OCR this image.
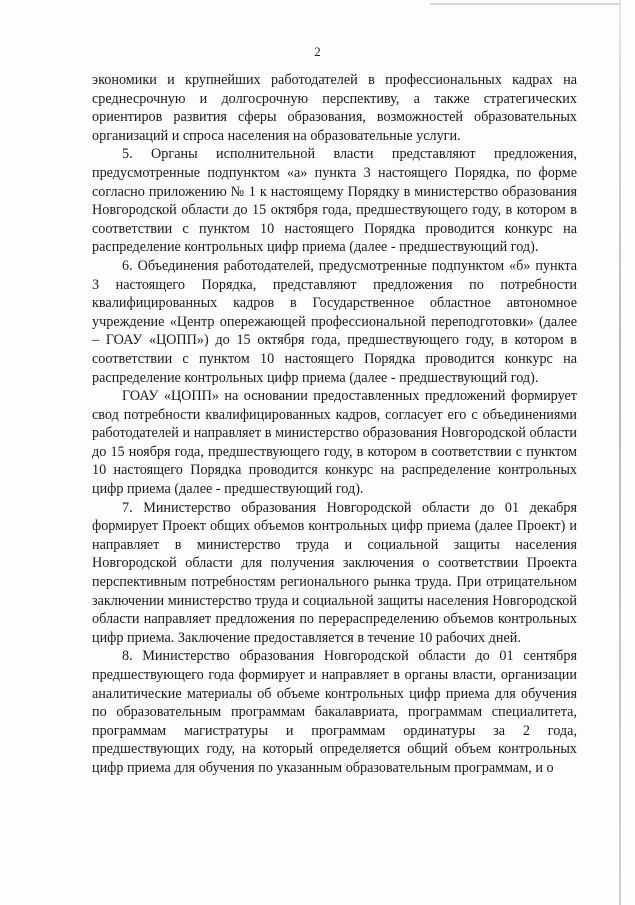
2

экономики и крупнейших работодателей в профессиональных кадрах на среднесрочную и долгосрочную перспективу, а также стратегических ориентиров развития сферы образования, возможностей образовательных организаций и спроса населения на образовательные услуги.

5. Органы исполнительной власти представляют предложения, предусмотренные подпунктом «а» пункта 3 настоящего Порядка, по форме согласно приложению № 1 к настоящему Порядку в министерство образования Новгородской области до 15 октября года, предшествующего году, в котором в соответствии с пунктом 10 настоящего Порядка проводится конкурс на распределение контрольных цифр приема (далее - предшествующий год).

6. Объединения работодателей, предусмотренные подпунктом «б» пункта 3 настоящего Порядка, представляют предложения по потребности квалифицированных кадров в Государственное областное автономное учреждение «Центр опережающей профессиональной переподготовки» (далее – ГОАУ «ЦОПП») до 15 октября года, предшествующего году, в котором в соответствии с пунктом 10 настоящего Порядка проводится конкурс на распределение контрольных цифр приема (далее - предшествующий год).

ГОАУ «ЦОПП» на основании предоставленных предложений формирует свод потребности квалифицированных кадров, согласует его с объединениями работодателей и направляет в министерство образования Новгородской области до 15 ноября года, предшествующего году, в котором в соответствии с пунктом 10 настоящего Порядка проводится конкурс на распределение контрольных цифр приема (далее - предшествующий год).

7. Министерство образования Новгородской области до 01 декабря формирует Проект общих объемов контрольных цифр приема (далее Проект) и направляет в министерство труда и социальной защиты населения Новгородской области для получения заключения о соответствии Проекта перспективным потребностям регионального рынка труда. При отрицательном заключении министерство труда и социальной защиты населения Новгородской области направляет предложения по перераспределению объемов контрольных цифр приема. Заключение предоставляется в течение 10 рабочих дней.

8. Министерство образования Новгородской области до 01 сентября предшествующего года формирует и направляет в органы власти, организации аналитические материалы об объеме контрольных цифр приема для обучения по образовательным программам бакалавриата, программам специалитета, программам магистратуры и программам ординатуры за 2 года, предшествующих году, на который определяется общий объем контрольных цифр приема для обучения по указанным образовательным программам, и о
